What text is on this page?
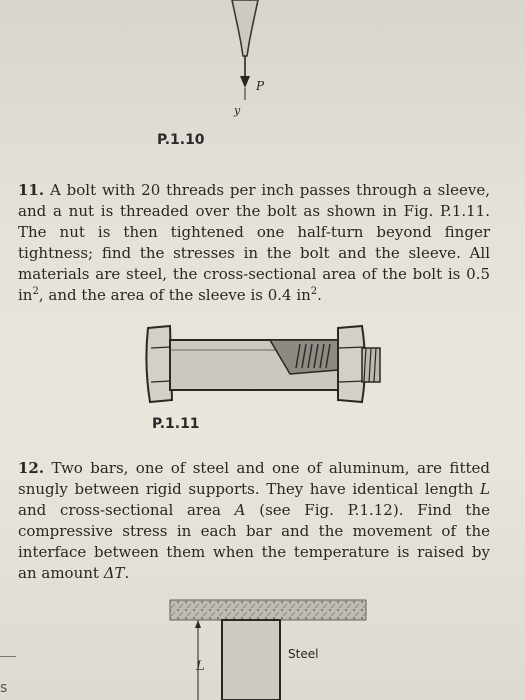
P
y
P.1.10
11. A bolt with 20 threads per inch passes through a sleeve, and a nut is threaded over the bolt as shown in Fig. P.1.11. The nut is then tightened one half-turn beyond finger tightness; find the stresses in the bolt and the sleeve. All materials are steel, the cross-sectional area of the bolt is 0.5 $in^2$, and the area of the sleeve is 0.4 $in^2$.
P.1.11
12. Two bars, one of steel and one of aluminum, are fitted snugly between rigid supports. They have identical length L and cross-sectional area A (see Fig. P.1.12). Find the compressive stress in each bar and the movement of the interface between them when the temperature is raised by an amount ΔT.
L
Steel
s
